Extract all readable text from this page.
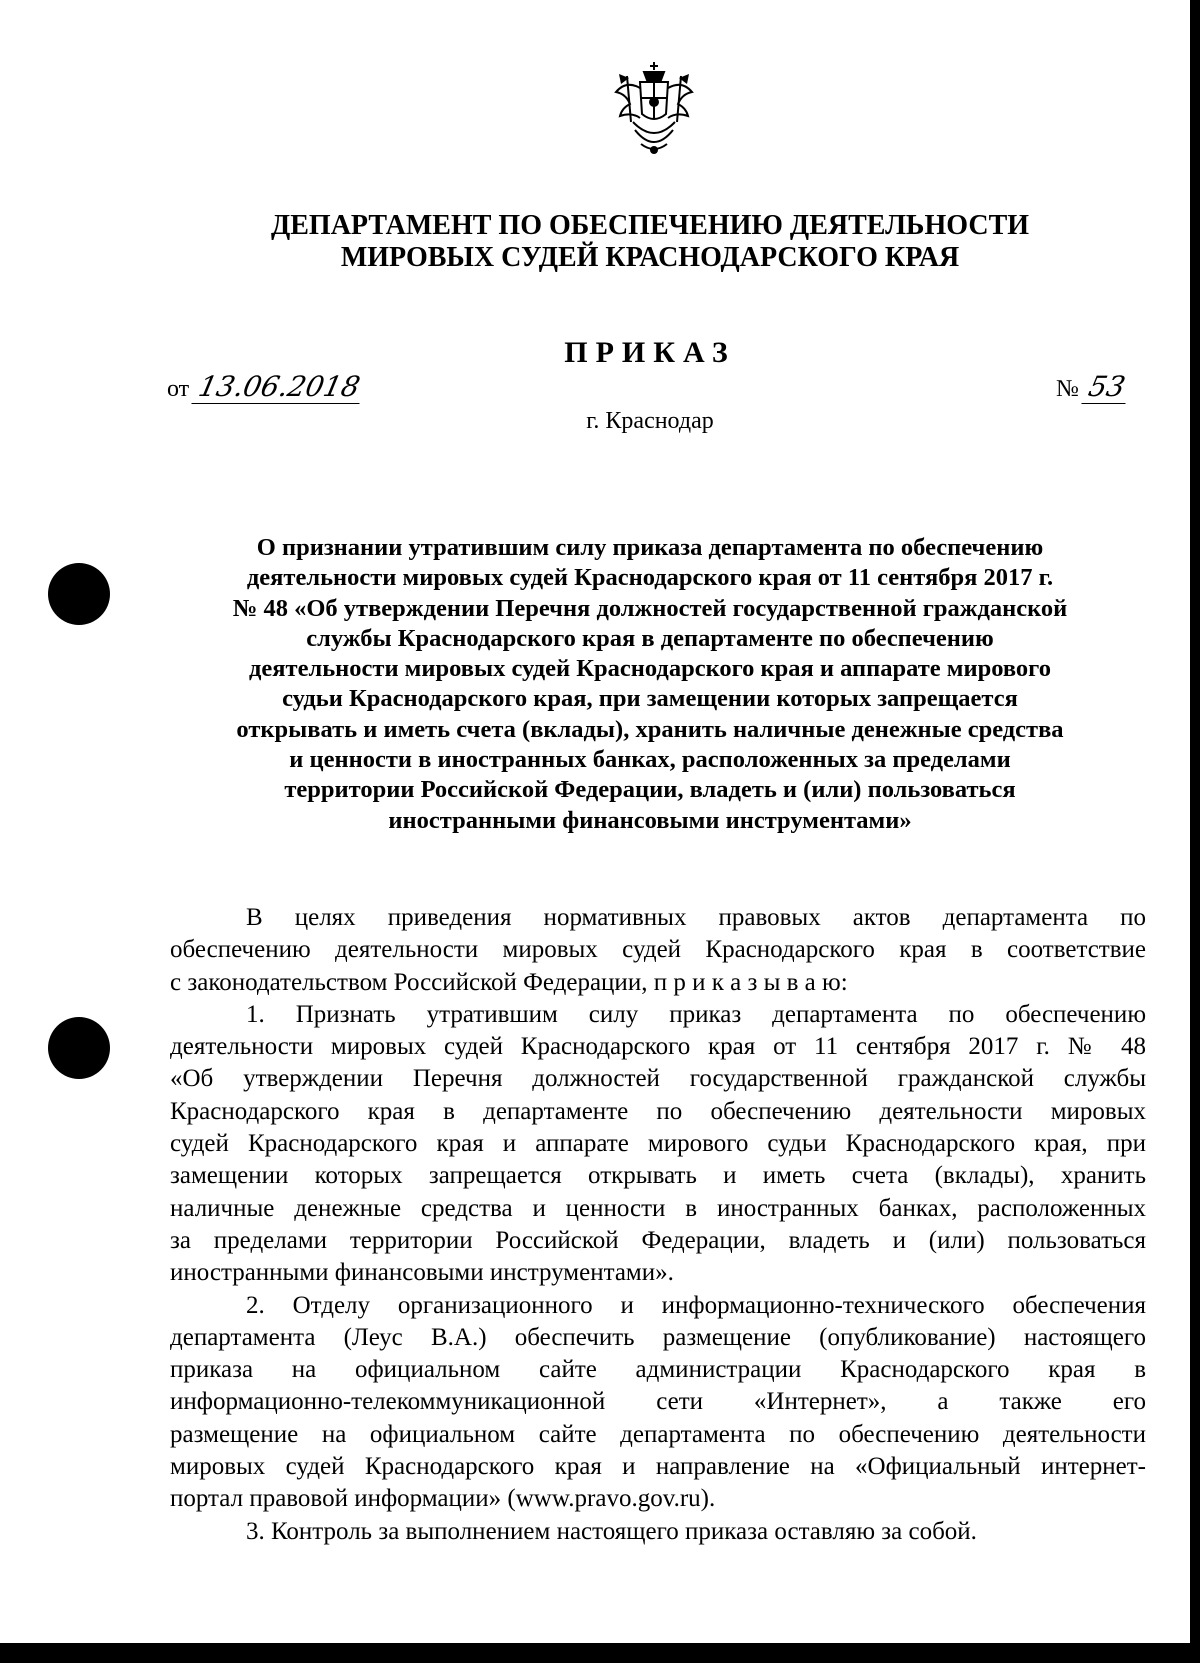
ДЕПАРТАМЕНТ ПО ОБЕСПЕЧЕНИЮ ДЕЯТЕЛЬНОСТИ
МИРОВЫХ СУДЕЙ КРАСНОДАРСКОГО КРАЯ
ПРИКАЗ
от 13.06.2018	№ 53
г. Краснодар
О признании утратившим силу приказа департамента по обеспечению
деятельности мировых судей Краснодарского края от 11 сентября 2017 г.
№ 48 «Об утверждении Перечня должностей государственной гражданской
службы Краснодарского края в департаменте по обеспечению
деятельности мировых судей Краснодарского края и аппарате мирового
судьи Краснодарского края, при замещении которых запрещается
открывать и иметь счета (вклады), хранить наличные денежные средства
и ценности в иностранных банках, расположенных за пределами
территории Российской Федерации, владеть и (или) пользоваться
иностранными финансовыми инструментами»
В целях приведения нормативных правовых актов департамента по
обеспечению деятельности мировых судей Краснодарского края в соответствие
с законодательством Российской Федерации, п р и к а з ы в а ю:
1. Признать утратившим силу приказ департамента по обеспечению
деятельности мировых судей Краснодарского края от 11 сентября 2017 г. № 48
«Об утверждении Перечня должностей государственной гражданской службы
Краснодарского края в департаменте по обеспечению деятельности мировых
судей Краснодарского края и аппарате мирового судьи Краснодарского края, при
замещении которых запрещается открывать и иметь счета (вклады), хранить
наличные денежные средства и ценности в иностранных банках, расположенных
за пределами территории Российской Федерации, владеть и (или) пользоваться
иностранными финансовыми инструментами».
2. Отделу организационного и информационно-технического обеспечения
департамента (Леус В.А.) обеспечить размещение (опубликование) настоящего
приказа на официальном сайте администрации Краснодарского края в
информационно-телекоммуникационной сети «Интернет», а также его
размещение на официальном сайте департамента по обеспечению деятельности
мировых судей Краснодарского края и направление на «Официальный интернет-
портал правовой информации» (www.pravo.gov.ru).
3. Контроль за выполнением настоящего приказа оставляю за собой.
